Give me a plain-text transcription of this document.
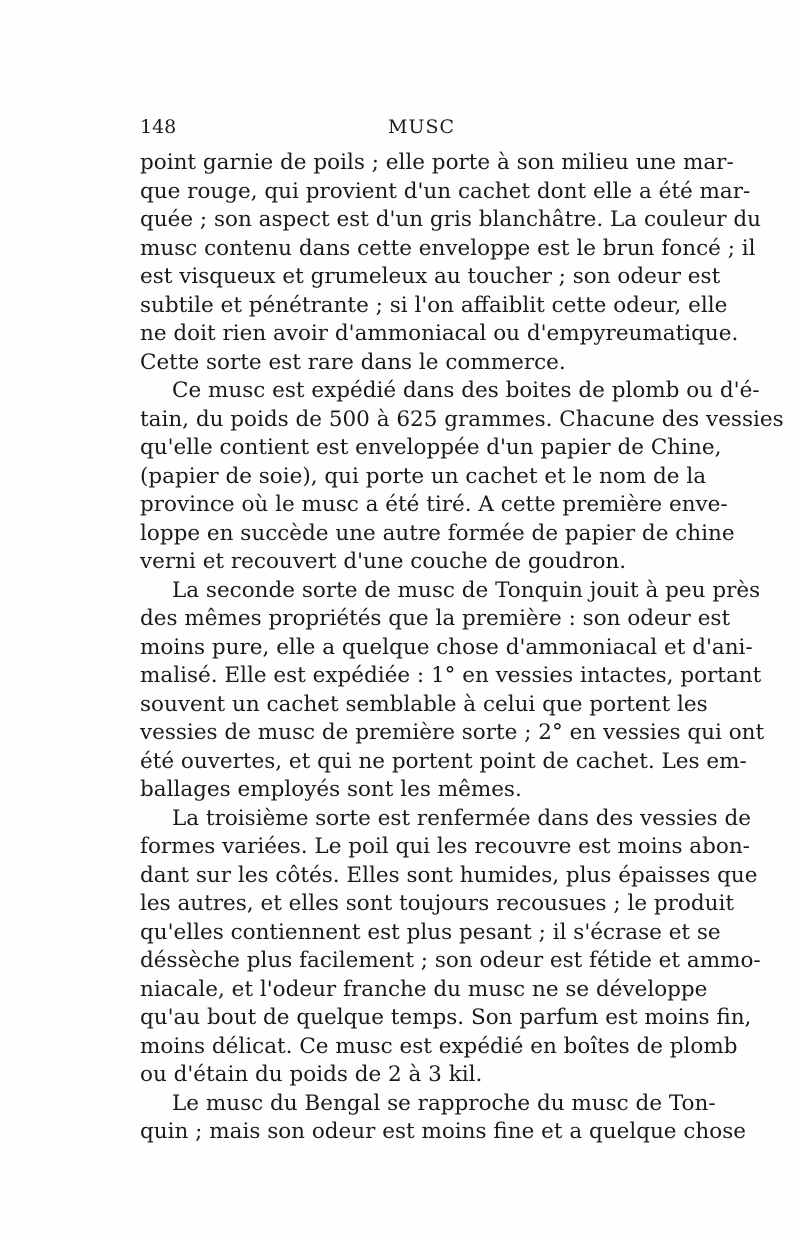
148	MUSC

point garnie de poils ; elle porte à son milieu une mar-
que rouge, qui provient d'un cachet dont elle a été mar-
quée ; son aspect est d'un gris blanchâtre. La couleur du
musc contenu dans cette enveloppe est le brun foncé ; il
est visqueux et grumeleux au toucher ; son odeur est
subtile et pénétrante ; si l'on affaiblit cette odeur, elle
ne doit rien avoir d'ammoniacal ou d'empyreumatique.
Cette sorte est rare dans le commerce.

Ce musc est expédié dans des boites de plomb ou d'é-
tain, du poids de 500 à 625 grammes. Chacune des vessies
qu'elle contient est enveloppée d'un papier de Chine,
(papier de soie), qui porte un cachet et le nom de la
province où le musc a été tiré. A cette première enve-
loppe en succède une autre formée de papier de chine
verni et recouvert d'une couche de goudron.

La seconde sorte de musc de Tonquin jouit à peu près
des mêmes propriétés que la première : son odeur est
moins pure, elle a quelque chose d'ammoniacal et d'ani-
malisé. Elle est expédiée : 1° en vessies intactes, portant
souvent un cachet semblable à celui que portent les
vessies de musc de première sorte ; 2° en vessies qui ont
été ouvertes, et qui ne portent point de cachet. Les em-
ballages employés sont les mêmes.

La troisième sorte est renfermée dans des vessies de
formes variées. Le poil qui les recouvre est moins abon-
dant sur les côtés. Elles sont humides, plus épaisses que
les autres, et elles sont toujours recousues ; le produit
qu'elles contiennent est plus pesant ; il s'écrase et se
déssèche plus facilement ; son odeur est fétide et ammo-
niacale, et l'odeur franche du musc ne se développe
qu'au bout de quelque temps. Son parfum est moins fin,
moins délicat. Ce musc est expédié en boîtes de plomb
ou d'étain du poids de 2 à 3 kil.

Le musc du Bengal se rapproche du musc de Ton-
quin ; mais son odeur est moins fine et a quelque chose
